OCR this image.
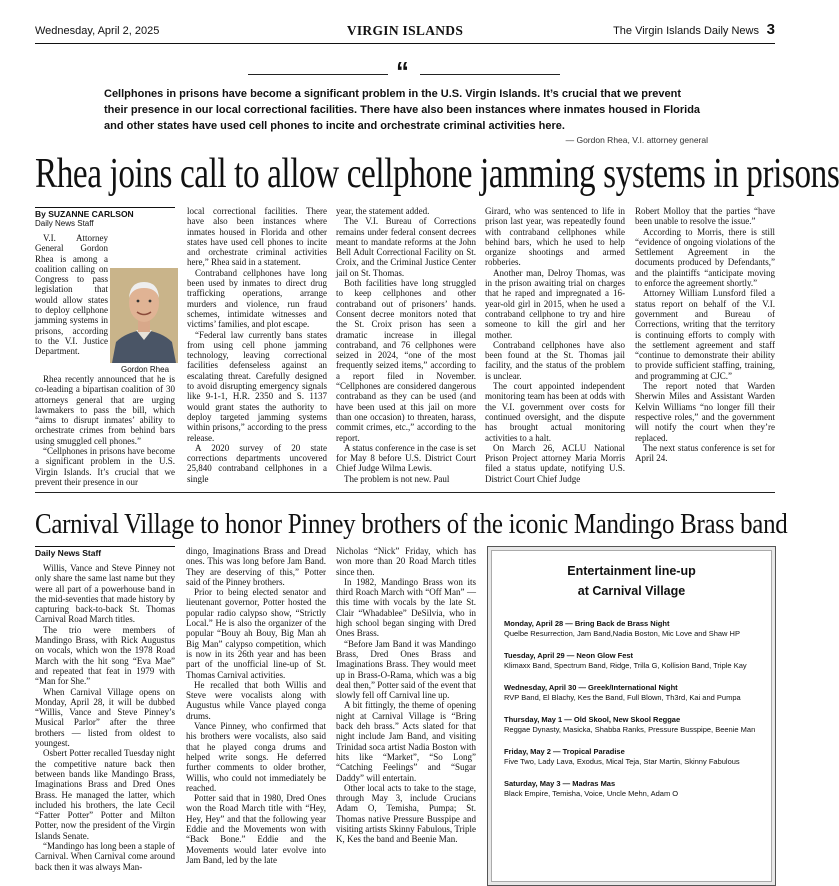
Wednesday, April 2, 2025	VIRGIN ISLANDS	The Virgin Islands Daily News 3
“
Cellphones in prisons have become a significant problem in the U.S. Virgin Islands. It’s crucial that we prevent their presence in our local correctional facilities. There have also been instances where inmates housed in Florida and other states have used cell phones to incite and orchestrate criminal activities here.
— Gordon Rhea, V.I. attorney general
Rhea joins call to allow cellphone jamming systems in prisons
By SUZANNE CARLSON
Daily News Staff
Gordon Rhea

V.I. Attorney General Gordon Rhea is among a coalition calling on Congress to pass legislation that would allow states to deploy cellphone jamming systems in prisons, according to the V.I. Justice Department.

Rhea recently announced that he is co-leading a bipartisan coalition of 30 attorneys general that are urging lawmakers to pass the bill, which “aims to disrupt inmates’ ability to orchestrate crimes from behind bars using smuggled cell phones.”

“Cellphones in prisons have become a significant problem in the U.S. Virgin Islands. It’s crucial that we prevent their presence in our

local correctional facilities. There have also been instances where inmates housed in Florida and other states have used cell phones to incite and orchestrate criminal activities here,” Rhea said in a statement.

Contraband cellphones have long been used by inmates to direct drug trafficking operations, arrange murders and violence, run fraud schemes, intimidate witnesses and victims’ families, and plot escape.

“Federal law currently bans states from using cell phone jamming technology, leaving correctional facilities defenseless against an escalating threat. Carefully designed to avoid disrupting emergency signals like 9-1-1, H.R. 2350 and S. 1137 would grant states the authority to deploy targeted jamming systems within prisons,” according to the press release.

A 2020 survey of 20 state corrections departments uncovered 25,840 contraband cellphones in a single

year, the statement added.

The V.I. Bureau of Corrections remains under federal consent decrees meant to mandate reforms at the John Bell Adult Correctional Facility on St. Croix, and the Criminal Justice Center jail on St. Thomas.

Both facilities have long struggled to keep cellphones and other contraband out of prisoners’ hands. Consent decree monitors noted that the St. Croix prison has seen a dramatic increase in illegal contraband, and 76 cellphones were seized in 2024, “one of the most frequently seized items,” according to a report filed in November. “Cellphones are considered dangerous contraband as they can be used (and have been used at this jail on more than one occasion) to threaten, harass, commit crimes, etc.,” according to the report.

A status conference in the case is set for May 8 before U.S. District Court Chief Judge Wilma Lewis.

The problem is not new. Paul

Girard, who was sentenced to life in prison last year, was repeatedly found with contraband cellphones while behind bars, which he used to help organize shootings and armed robberies.

Another man, Delroy Thomas, was in the prison awaiting trial on charges that he raped and impregnated a 16-year-old girl in 2015, when he used a contraband cellphone to try and hire someone to kill the girl and her mother.

Contraband cellphones have also been found at the St. Thomas jail facility, and the status of the problem is unclear.

The court appointed independent monitoring team has been at odds with the V.I. government over costs for continued oversight, and the dispute has brought actual monitoring activities to a halt.

On March 26, ACLU National Prison Project attorney Maria Morris filed a status update, notifying U.S. District Court Chief Judge

Robert Molloy that the parties “have been unable to resolve the issue.”

According to Morris, there is still “evidence of ongoing violations of the Settlement Agreement in the documents produced by Defendants,” and the plaintiffs “anticipate moving to enforce the agreement shortly.”

Attorney William Lunsford filed a status report on behalf of the V.I. government and Bureau of Corrections, writing that the territory is continuing efforts to comply with the settlement agreement and staff “continue to demonstrate their ability to provide sufficient staffing, training, and programming at CJC.”

The report noted that Warden Sherwin Miles and Assistant Warden Kelvin Williams “no longer fill their respective roles,” and the government will notify the court when they’re replaced.

The next status conference is set for April 24.

Carnival Village to honor Pinney brothers of the iconic Mandingo Brass band
Daily News Staff

Willis, Vance and Steve Pinney not only share the same last name but they were all part of a powerhouse band in the mid-seventies that made history by capturing back-to-back St. Thomas Carnival Road March titles.

The trio were members of Mandingo Brass, with Rick Augustus on vocals, which won the 1978 Road March with the hit song “Eva Mae” and repeated that feat in 1979 with “Man for She.”

When Carnival Village opens on Monday, April 28, it will be dubbed “Willis, Vance and Steve Pinney’s Musical Parlor” after the three brothers — listed from oldest to youngest.

Osbert Potter recalled Tuesday night the competitive nature back then between bands like Mandingo Brass, Imaginations Brass and Dred Ones Brass. He managed the latter, which included his brothers, the late Cecil “Fatter Potter” Potter and Milton Potter, now the president of the Virgin Islands Senate.

“Mandingo has long been a staple of Carnival. When Carnival come around back then it was always Man-

dingo, Imaginations Brass and Dread ones. This was long before Jam Band. They are deserving of this,” Potter said of the Pinney brothers.

Prior to being elected senator and lieutenant governor, Potter hosted the popular radio calypso show, “Strictly Local.” He is also the organizer of the popular “Bouy ah Bouy, Big Man ah Big Man” calypso competition, which is now in its 26th year and has been part of the unofficial line-up of St. Thomas Carnival activities.

He recalled that both Willis and Steve were vocalists along with Augustus while Vance played conga drums.

Vance Pinney, who confirmed that his brothers were vocalists, also said that he played conga drums and helped write songs. He deferred further comments to older brother, Willis, who could not immediately be reached.

Potter said that in 1980, Dred Ones won the Road March title with “Hey, Hey, Hey” and that the following year Eddie and the Movements won with “Back Bone.” Eddie and the Movements would later evolve into Jam Band, led by the late

Nicholas “Nick” Friday, which has won more than 20 Road March titles since then.

In 1982, Mandingo Brass won its third Roach March with “Off Man” — this time with vocals by the late St. Clair “Whadablee” DeSilvia, who in high school began singing with Dred Ones Brass.

“Before Jam Band it was Mandingo Brass, Dred Ones Brass and Imaginations Brass. They would meet up in Brass-O-Rama, which was a big deal then,” Potter said of the event that slowly fell off Carnival line up.

A bit fittingly, the theme of opening night at Carnival Village is “Bring back deh brass.” Acts slated for that night include Jam Band, and visiting Trinidad soca artist Nadia Boston with hits like “Market”, “So Long” “Catching Feelings” and “Sugar Daddy” will entertain.

Other local acts to take to the stage, through May 3, include Crucians Adam O, Temisha, Pumpa; St. Thomas native Pressure Busspipe and visiting artists Skinny Fabulous, Triple K, Kes the band and Beenie Man.

Entertainment line-up
at Carnival Village
Monday, April 28 — Bring Back de Brass Night
Quelbe Resurrection, Jam Band,Nadia Boston, Mic Love and Shaw HP
Tuesday, April 29 — Neon Glow Fest
Klimaxx Band, Spectrum Band, Ridge, Trilla G, Kollision Band, Triple Kay
Wednesday, April 30 — Greek/International Night
RVP Band, El Blachy, Kes the Band, Full Blown, Th3rd, Kai and Pumpa
Thursday, May 1 — Old Skool, New Skool Reggae
Reggae Dynasty, Masicka, Shabba Ranks, Pressure Busspipe, Beenie Man
Friday, May 2 — Tropical Paradise
Five Two, Lady Lava, Exodus, Mical Teja, Star Martin, Skinny Fabulous
Saturday, May 3 — Madras Mas
Black Empire, Temisha, Voice, Uncle Mehn, Adam O
